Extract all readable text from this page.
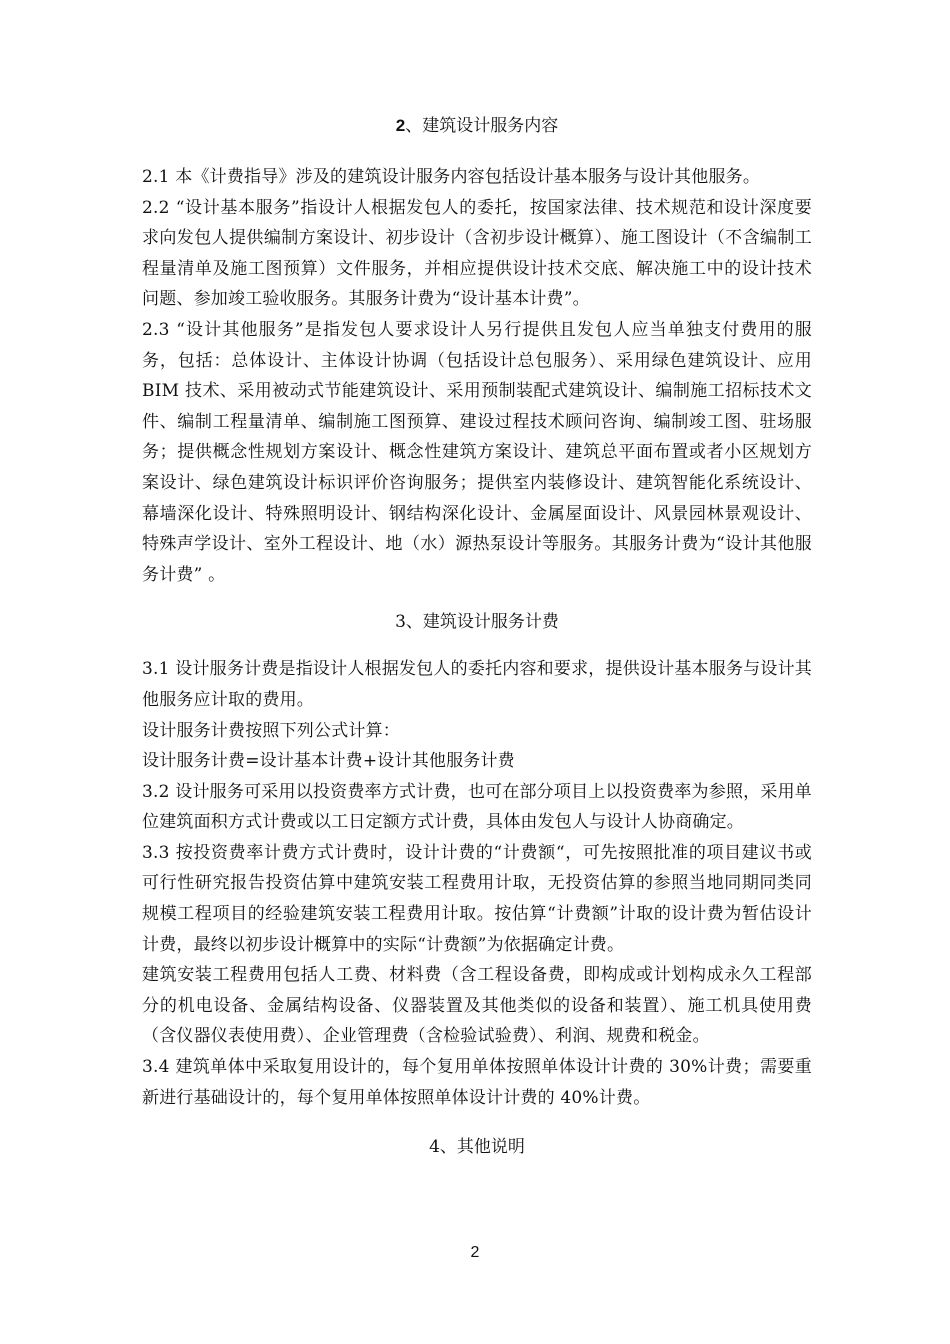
2、建筑设计服务内容

2.1 本《计费指导》涉及的建筑设计服务内容包括设计基本服务与设计其他服务。

2.2 “设计基本服务”指设计人根据发包人的委托，按国家法律、技术规范和设计深度要求向发包人提供编制方案设计、初步设计（含初步设计概算）、施工图设计（不含编制工程量清单及施工图预算）文件服务，并相应提供设计技术交底、解决施工中的设计技术问题、参加竣工验收服务。其服务计费为“设计基本计费”。

2.3 “设计其他服务”是指发包人要求设计人另行提供且发包人应当单独支付费用的服务，包括：总体设计、主体设计协调（包括设计总包服务）、采用绿色建筑设计、应用 BIM 技术、采用被动式节能建筑设计、采用预制装配式建筑设计、编制施工招标技术文件、编制工程量清单、编制施工图预算、建设过程技术顾问咨询、编制竣工图、驻场服务；提供概念性规划方案设计、概念性建筑方案设计、建筑总平面布置或者小区规划方案设计、绿色建筑设计标识评价咨询服务；提供室内装修设计、建筑智能化系统设计、幕墙深化设计、特殊照明设计、钢结构深化设计、金属屋面设计、风景园林景观设计、特殊声学设计、室外工程设计、地（水）源热泵设计等服务。其服务计费为“设计其他服务计费” 。

3、建筑设计服务计费

3.1 设计服务计费是指设计人根据发包人的委托内容和要求，提供设计基本服务与设计其他服务应计取的费用。

设计服务计费按照下列公式计算：

设计服务计费=设计基本计费+设计其他服务计费

3.2 设计服务可采用以投资费率方式计费，也可在部分项目上以投资费率为参照，采用单位建筑面积方式计费或以工日定额方式计费，具体由发包人与设计人协商确定。

3.3 按投资费率计费方式计费时，设计计费的“计费额“，可先按照批准的项目建议书或可行性研究报告投资估算中建筑安装工程费用计取，无投资估算的参照当地同期同类同规模工程项目的经验建筑安装工程费用计取。按估算“计费额”计取的设计费为暂估设计计费，最终以初步设计概算中的实际“计费额”为依据确定计费。

建筑安装工程费用包括人工费、材料费（含工程设备费，即构成或计划构成永久工程部分的机电设备、金属结构设备、仪器装置及其他类似的设备和装置）、施工机具使用费（含仪器仪表使用费）、企业管理费（含检验试验费）、利润、规费和税金。

3.4 建筑单体中采取复用设计的，每个复用单体按照单体设计计费的 30%计费；需要重新进行基础设计的，每个复用单体按照单体设计计费的 40%计费。

4、其他说明

2
